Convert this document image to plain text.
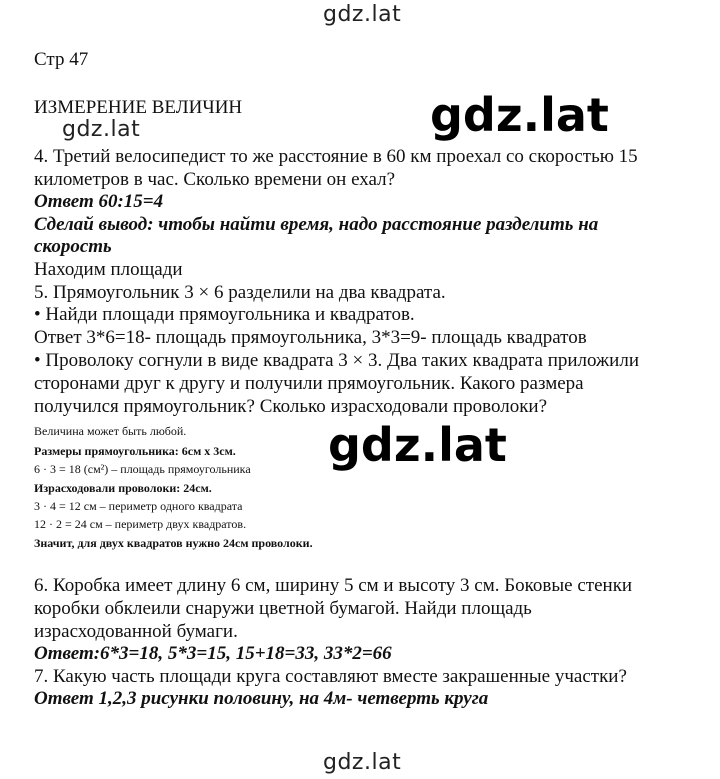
gdz.lat
gdz.lat	gdz.lat
gdz.lat
gdz.lat
Стр 47
ИЗМЕРЕНИЕ ВЕЛИЧИН
4. Третий велосипедист то же расстояние в 60 км проехал со скоростью 15
километров в час. Сколько времени он ехал?
Ответ 60:15=4
Сделай вывод: чтобы найти время, надо расстояние разделить на
скорость
Находим площади
5. Прямоугольник 3 × 6 разделили на два квадрата.
• Найди площади прямоугольника и квадратов.
Ответ 3*6=18- площадь прямоугольника, 3*3=9- площадь квадратов
• Проволоку согнули в виде квадрата 3 × 3. Два таких квадрата приложили
сторонами друг к другу и получили прямоугольник. Какого размера
получился прямоугольник? Сколько израсходовали проволоки?
Величина может быть любой.
Размеры прямоугольника: 6см х 3см.
6 · 3 = 18 (см²) – площадь прямоугольника
Израсходовали проволоки: 24см.
3 · 4 = 12 см – периметр одного квадрата
12 · 2 = 24 см – периметр двух квадратов.
Значит, для двух квадратов нужно 24см проволоки.
6. Коробка имеет длину 6 см, ширину 5 см и высоту 3 см. Боковые стенки
коробки обклеили снаружи цветной бумагой. Найди площадь
израсходованной бумаги.
Ответ:6*3=18, 5*3=15, 15+18=33, 33*2=66
7. Какую часть площади круга составляют вместе закрашенные участки?
Ответ 1,2,3 рисунки половину, на 4м- четверть круга
